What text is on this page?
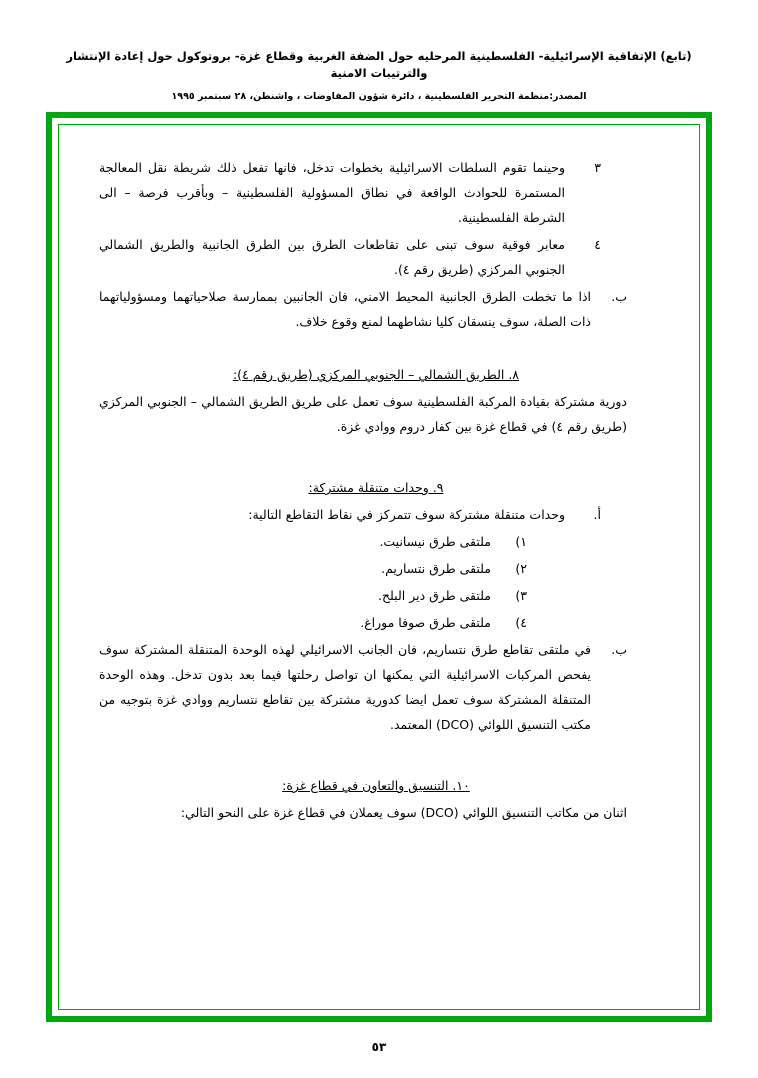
(تابع) الإتفاقية الإسرائيلية- الفلسطينية المرحليه حول الضفة الغربية وقطاع غزة- بروتوكول حول إعادة الإنتشار والترتيبات الامنية
المصدر:منظمة التحرير الفلسطينية ، دائرة شؤون المفاوضات ، واشنطن، ٢٨ سبتمبر ١٩٩٥
٣
وحينما تقوم السلطات الاسرائيلية بخطوات تدخل، فانها تفعل ذلك شريطة نقل المعالجة المستمرة للحوادث الواقعة في نطاق المسؤولية الفلسطينية – وبأقرب فرصة – الى الشرطة الفلسطينية.
٤
معابر فوقية سوف تبنى على تقاطعات الطرق بين الطرق الجانبية والطريق الشمالي الجنوبي المركزي (طريق رقم ٤).
ب.
اذا ما تخطت الطرق الجانبية المحيط الامني، فان الجانبين بممارسة صلاحياتهما ومسؤولياتهما ذات الصلة، سوف ينسقان كليا نشاطهما لمنع وقوع خلاف.
٨. الطريق الشمالي – الجنوبي المركزي (طريق رقم ٤):
دورية مشتركة بقيادة المركبة الفلسطينية سوف تعمل على طريق الطريق الشمالي – الجنوبي المركزي (طريق رقم ٤) في قطاع غزة بين كفار دروم ووادي غزة.
٩. وحدات متنقلة مشتركة:
أ.
وحدات متنقلة مشتركة سوف تتمركز في نقاط التقاطع التالية:
١)
ملتقى طرق نيسانيت.
٢)
ملتقى طرق نتساريم.
٣)
ملتقى طرق دير البلح.
٤)
ملتقى طرق صوفا موراغ.
ب.
في ملتقى تقاطع طرق نتساريم، فان الجانب الاسرائيلي لهذه الوحدة المتنقلة المشتركة سوف يفحص المركبات الاسرائيلية التي يمكنها ان تواصل رحلتها فيما بعد بدون تدخل. وهذه الوحدة المتنقلة المشتركة سوف تعمل ايضا كدورية مشتركة بين تقاطع نتساريم ووادي غزة بتوجيه من مكتب التنسيق اللوائي (DCO) المعتمد.
١٠. التنسيق والتعاون في قطاع غزة:
اثنان من مكاتب التنسيق اللوائي (DCO) سوف يعملان في قطاع غزة على النحو التالي:
٥٣
